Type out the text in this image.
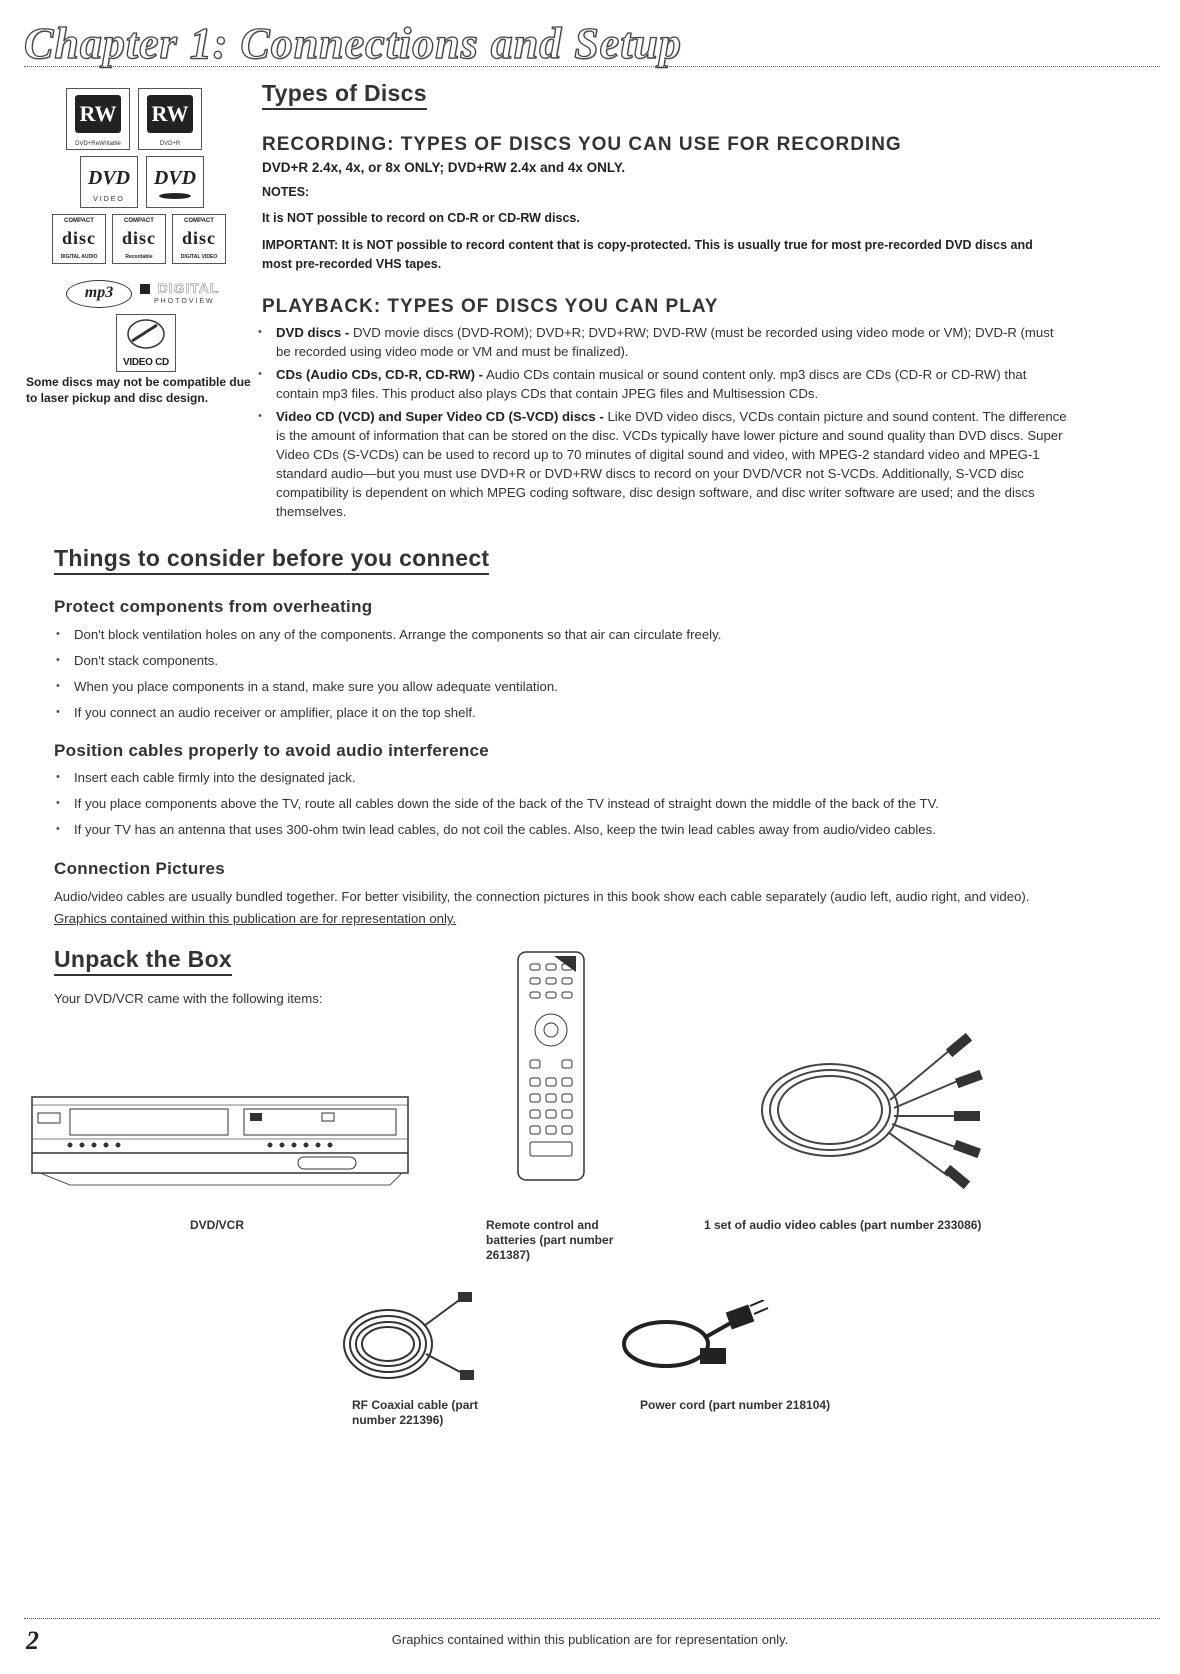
Chapter 1: Connections and Setup
RW
DVD+ReWritable
RW
DVD+R
DVD
VIDEO
DVD
COMPACT
disc
DIGITAL AUDIO
COMPACT
disc
Recordable
COMPACT
disc
DIGITAL VIDEO
mp3	DIGITAL
PHOTOVIEW
VIDEO CD
Some discs may not be compatible due to laser pickup and disc design.
Types of Discs
RECORDING: TYPES OF DISCS YOU CAN USE FOR RECORDING
DVD+R 2.4x, 4x, or 8x ONLY; DVD+RW 2.4x and 4x ONLY.
NOTES:
It is NOT possible to record on CD-R or CD-RW discs.
IMPORTANT: It is NOT possible to record content that is copy-protected. This is usually true for most pre-recorded DVD discs and most pre-recorded VHS tapes.
PLAYBACK: TYPES OF DISCS YOU CAN PLAY
• DVD discs - DVD movie discs (DVD-ROM); DVD+R; DVD+RW; DVD-RW (must be recorded using video mode or VM); DVD-R (must be recorded using video mode or VM and must be finalized).
• CDs (Audio CDs, CD-R, CD-RW) - Audio CDs contain musical or sound content only. mp3 discs are CDs (CD-R or CD-RW) that contain mp3 files. This product also plays CDs that contain JPEG files and Multisession CDs.
• Video CD (VCD) and Super Video CD (S-VCD) discs - Like DVD video discs, VCDs contain picture and sound content. The difference is the amount of information that can be stored on the disc. VCDs typically have lower picture and sound quality than DVD discs. Super Video CDs (S-VCDs) can be used to record up to 70 minutes of digital sound and video, with MPEG-2 standard video and MPEG-1 standard audio—but you must use DVD+R or DVD+RW discs to record on your DVD/VCR not S-VCDs. Additionally, S-VCD disc compatibility is dependent on which MPEG coding software, disc design software, and disc writer software are used; and the discs themselves.
Things to consider before you connect
Protect components from overheating
• Don't block ventilation holes on any of the components. Arrange the components so that air can circulate freely.
• Don't stack components.
• When you place components in a stand, make sure you allow adequate ventilation.
• If you connect an audio receiver or amplifier, place it on the top shelf.
Position cables properly to avoid audio interference
• Insert each cable firmly into the designated jack.
• If you place components above the TV, route all cables down the side of the back of the TV instead of straight down the middle of the back of the TV.
• If your TV has an antenna that uses 300-ohm twin lead cables, do not coil the cables. Also, keep the twin lead cables away from audio/video cables.
Connection Pictures
Audio/video cables are usually bundled together. For better visibility, the connection pictures in this book show each cable separately (audio left, audio right, and video).
Graphics contained within this publication are for representation only.
Unpack the Box
Your DVD/VCR came with the following items:
DVD/VCR	Remote control and batteries (part number 261387)
1 set of audio video cables (part number 233086)
RF Coaxial cable (part number 221396)
Power cord (part number 218104)
2	Graphics contained within this publication are for representation only.
